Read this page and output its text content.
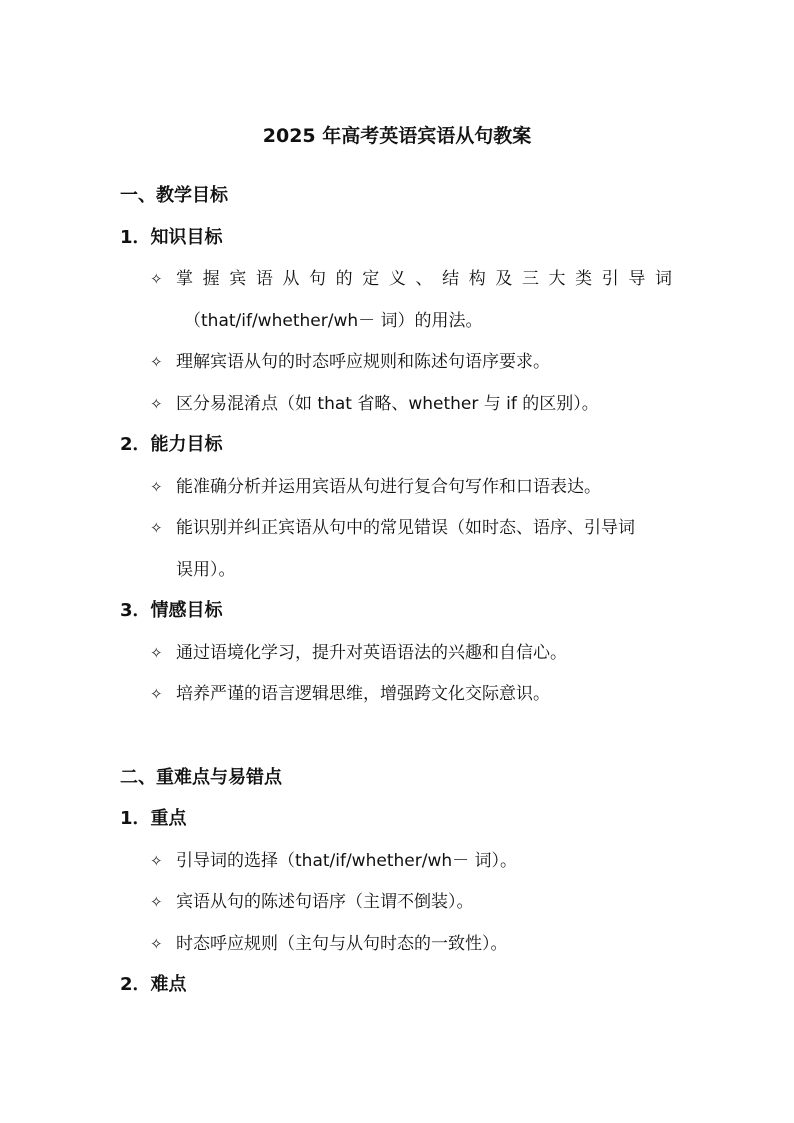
2025 年高考英语宾语从句教案
一、教学目标
1．知识目标
✧ 掌握宾语从句的定义、结构及三大类引导词
（that/if/whether/wh－ 词）的用法。
✧ 理解宾语从句的时态呼应规则和陈述句语序要求。
✧ 区分易混淆点（如 that 省略、whether 与 if 的区别）。
2．能力目标
✧ 能准确分析并运用宾语从句进行复合句写作和口语表达。
✧ 能识别并纠正宾语从句中的常见错误（如时态、语序、引导词
误用）。
3．情感目标
✧ 通过语境化学习，提升对英语语法的兴趣和自信心。
✧ 培养严谨的语言逻辑思维，增强跨文化交际意识。
二、重难点与易错点
1．重点
✧ 引导词的选择（that/if/whether/wh－ 词）。
✧ 宾语从句的陈述句语序（主谓不倒装）。
✧ 时态呼应规则（主句与从句时态的一致性）。
2．难点
